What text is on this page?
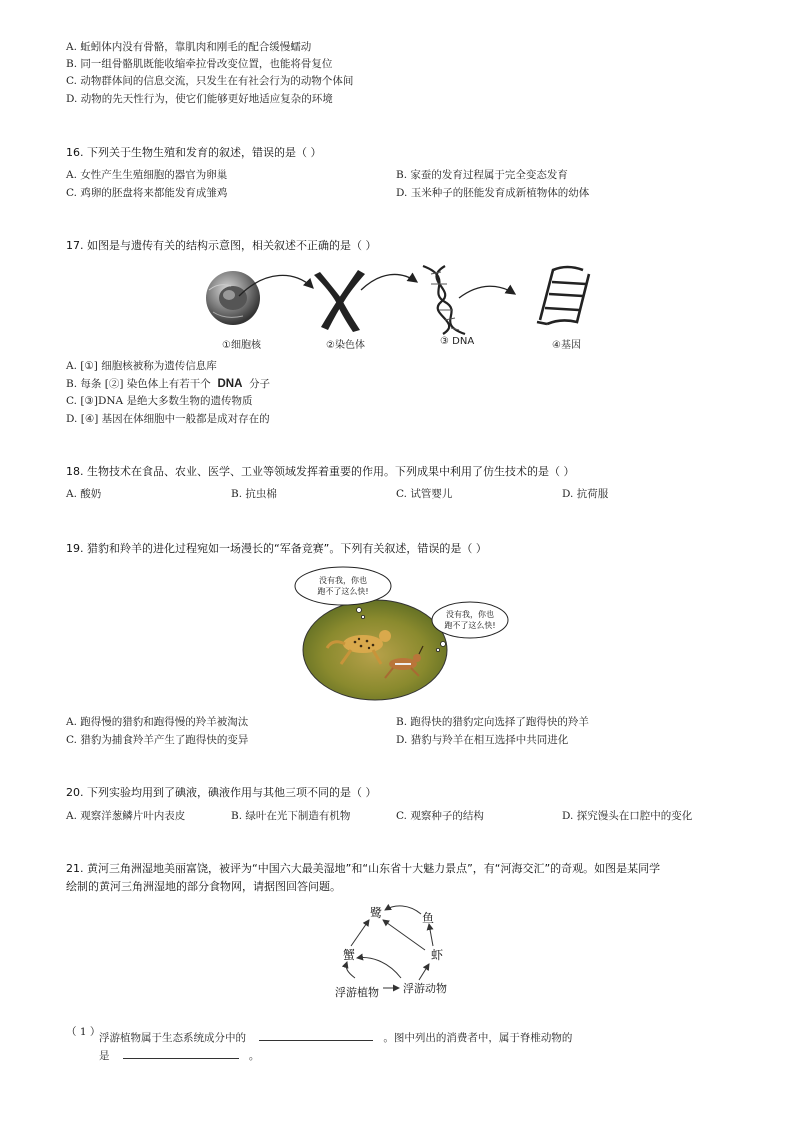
A. 蚯蚓体内没有骨骼，靠肌肉和刚毛的配合缓慢蠕动
B. 同一组骨骼肌既能收缩牵拉骨改变位置，也能将骨复位
C. 动物群体间的信息交流，只发生在有社会行为的动物个体间
D. 动物的先天性行为，使它们能够更好地适应复杂的环境
16. 下列关于生物生殖和发育的叙述，错误的是（ ）
A. 女性产生生殖细胞的器官为卵巢	B. 家蚕的发育过程属于完全变态发育
C. 鸡卵的胚盘将来都能发育成雏鸡	D. 玉米种子的胚能发育成新植物体的幼体
17. 如图是与遗传有关的结构示意图，相关叙述不正确的是（ ）
①细胞核	②染色体	③ DNA	④基因
A. [①] 细胞核被称为遗传信息库
B. 每条 [②] 染色体上有若干个 DNA 分子
C. [③]DNA 是绝大多数生物的遗传物质
D. [④] 基因在体细胞中一般都是成对存在的
18. 生物技术在食品、农业、医学、工业等领域发挥着重要的作用。下列成果中利用了仿生技术的是（ ）
A. 酸奶	B. 抗虫棉	C. 试管婴儿	D. 抗荷服
19. 猎豹和羚羊的进化过程宛如一场漫长的“军备竞赛”。下列有关叙述，错误的是（ ）
没有我，你也
跑不了这么快!
没有我，你也
跑不了这么快!
A. 跑得慢的猎豹和跑得慢的羚羊被淘汰	B. 跑得快的猎豹定向选择了跑得快的羚羊
C. 猎豹为捕食羚羊产生了跑得快的变异	D. 猎豹与羚羊在相互选择中共同进化
20. 下列实验均用到了碘液，碘液作用与其他三项不同的是（ ）
A. 观察洋葱鳞片叶内表皮	B. 绿叶在光下制造有机物	C. 观察种子的结构	D. 探究馒头在口腔中的变化
21. 黄河三角洲湿地美丽富饶，被评为“中国六大最美湿地”和“山东省十大魅力景点”，有“河海交汇”的奇观。如图是某同学
绘制的黄河三角洲湿地的部分食物网，请据图回答问题。
鹭	鱼
蟹	虾
浮游植物 浮游动物
（ 1 ）
浮游植物属于生态系统成分中的	。图中列出的消费者中，属于脊椎动物的
是	。
